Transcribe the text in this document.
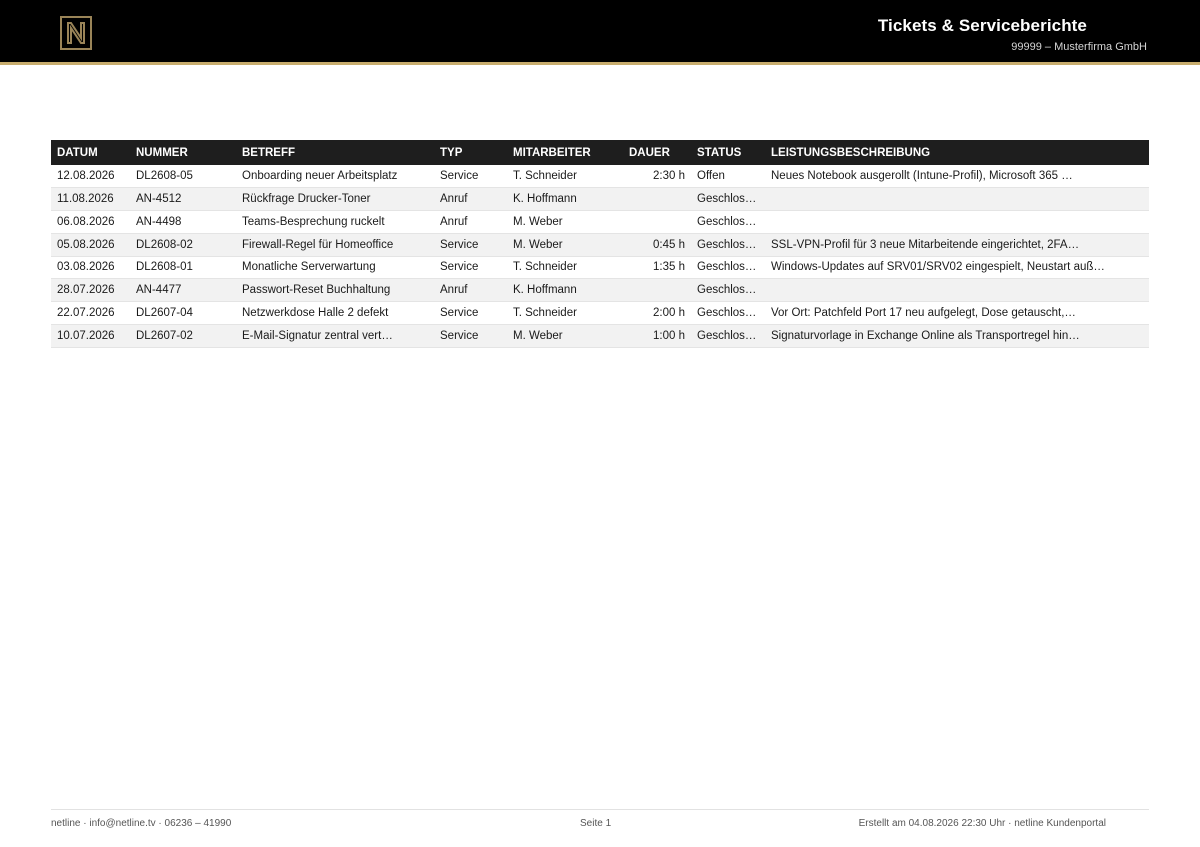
Tickets & Serviceberichte
99999 – Musterfirma GmbH
DATUM	NUMMER	BETREFF	TYP	MITARBEITER	DAUER	STATUS	LEISTUNGSBESCHREIBUNG
12.08.2026	DL2608-05	Onboarding neuer Arbeitsplatz	Service	T. Schneider	2:30 h	Offen	Neues Notebook ausgerollt (Intune-Profil), Microsoft 365 …
11.08.2026	AN-4512	Rückfrage Drucker-Toner	Anruf	K. Hoffmann		Geschlos…	
06.08.2026	AN-4498	Teams-Besprechung ruckelt	Anruf	M. Weber		Geschlos…	
05.08.2026	DL2608-02	Firewall-Regel für Homeoffice	Service	M. Weber	0:45 h	Geschlos…	SSL-VPN-Profil für 3 neue Mitarbeitende eingerichtet, 2FA…
03.08.2026	DL2608-01	Monatliche Serverwartung	Service	T. Schneider	1:35 h	Geschlos…	Windows-Updates auf SRV01/SRV02 eingespielt, Neustart auß…
28.07.2026	AN-4477	Passwort-Reset Buchhaltung	Anruf	K. Hoffmann		Geschlos…	
22.07.2026	DL2607-04	Netzwerkdose Halle 2 defekt	Service	T. Schneider	2:00 h	Geschlos…	Vor Ort: Patchfeld Port 17 neu aufgelegt, Dose getauscht,…
10.07.2026	DL2607-02	E-Mail-Signatur zentral vert…	Service	M. Weber	1:00 h	Geschlos…	Signaturvorlage in Exchange Online als Transportregel hin…
netline · info@netline.tv · 06236 – 41990	Seite 1	Erstellt am 04.08.2026 22:30 Uhr · netline Kundenportal
